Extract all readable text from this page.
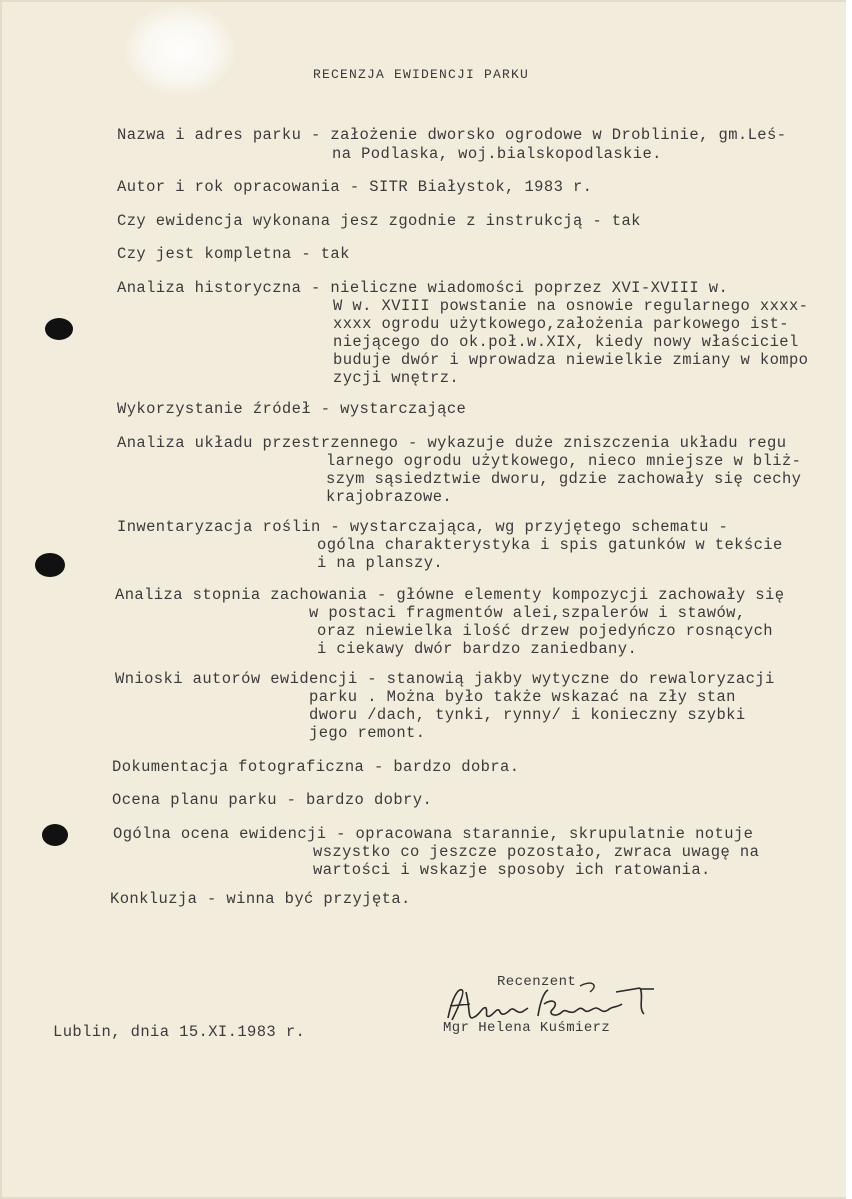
RECENZJA EWIDENCJI PARKU
Nazwa i adres parku - założenie dworsko ogrodowe w Droblinie, gm.Leś-
na Podlaska, woj.bialskopodlaskie.
Autor i rok opracowania - SITR Białystok, 1983 r.
Czy ewidencja wykonana jesz zgodnie z instrukcją - tak
Czy jest kompletna - tak
Analiza historyczna - nieliczne wiadomości poprzez XVI-XVIII w.
W w. XVIII powstanie na osnowie regularnego xxxx-
xxxx ogrodu użytkowego,założenia parkowego ist-
niejącego do ok.poł.w.XIX, kiedy nowy właściciel
buduje dwór i wprowadza niewielkie zmiany w kompo
zycji wnętrz.
Wykorzystanie źródeł - wystarczające
Analiza układu przestrzennego - wykazuje duże zniszczenia układu regu
larnego ogrodu użytkowego, nieco mniejsze w bliż-
szym sąsiedztwie dworu, gdzie zachowały się cechy
krajobrazowe.
Inwentaryzacja roślin - wystarczająca, wg przyjętego schematu -
ogólna charakterystyka i spis gatunków w tekście
i na planszy.
Analiza stopnia zachowania - główne elementy kompozycji zachowały się
w postaci fragmentów alei,szpalerów i stawów,
oraz niewielka ilość drzew pojedyńczo rosnących
i ciekawy dwór bardzo zaniedbany.
Wnioski autorów ewidencji - stanowią jakby wytyczne do rewaloryzacji
parku . Można było także wskazać na zły stan
dworu /dach, tynki, rynny/ i konieczny szybki
jego remont.
Dokumentacja fotograficzna - bardzo dobra.
Ocena planu parku - bardzo dobry.
Ogólna ocena ewidencji - opracowana starannie, skrupulatnie notuje
wszystko co jeszcze pozostało, zwraca uwagę na
wartości i wskazje sposoby ich ratowania.
Konkluzja - winna być przyjęta.
Recenzent
Lublin, dnia 15.XI.1983 r.	Mgr Helena Kuśmierz
